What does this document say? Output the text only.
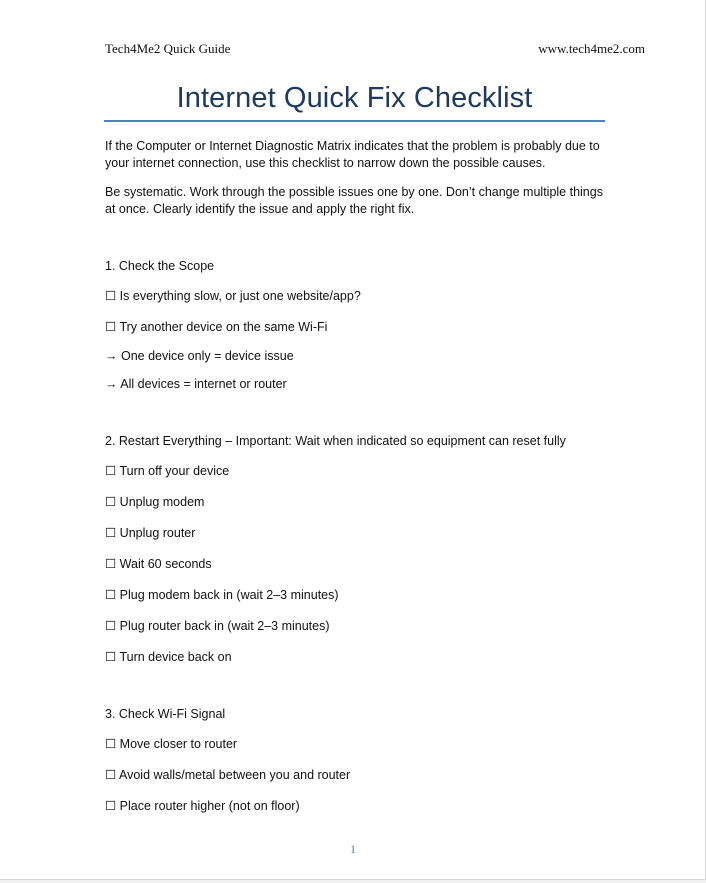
Tech4Me2 Quick Guide	www.tech4me2.com
Internet Quick Fix Checklist
If the Computer or Internet Diagnostic Matrix indicates that the problem is probably due to your internet connection, use this checklist to narrow down the possible causes.
Be systematic. Work through the possible issues one by one. Don’t change multiple things at once. Clearly identify the issue and apply the right fix.
1. Check the Scope
☐ Is everything slow, or just one website/app?
☐ Try another device on the same Wi-Fi
→ One device only = device issue
→ All devices = internet or router
2. Restart Everything – Important: Wait when indicated so equipment can reset fully
☐ Turn off your device
☐ Unplug modem
☐ Unplug router
☐ Wait 60 seconds
☐ Plug modem back in (wait 2–3 minutes)
☐ Plug router back in (wait 2–3 minutes)
☐ Turn device back on
3. Check Wi-Fi Signal
☐ Move closer to router
☐ Avoid walls/metal between you and router
☐ Place router higher (not on floor)
1
